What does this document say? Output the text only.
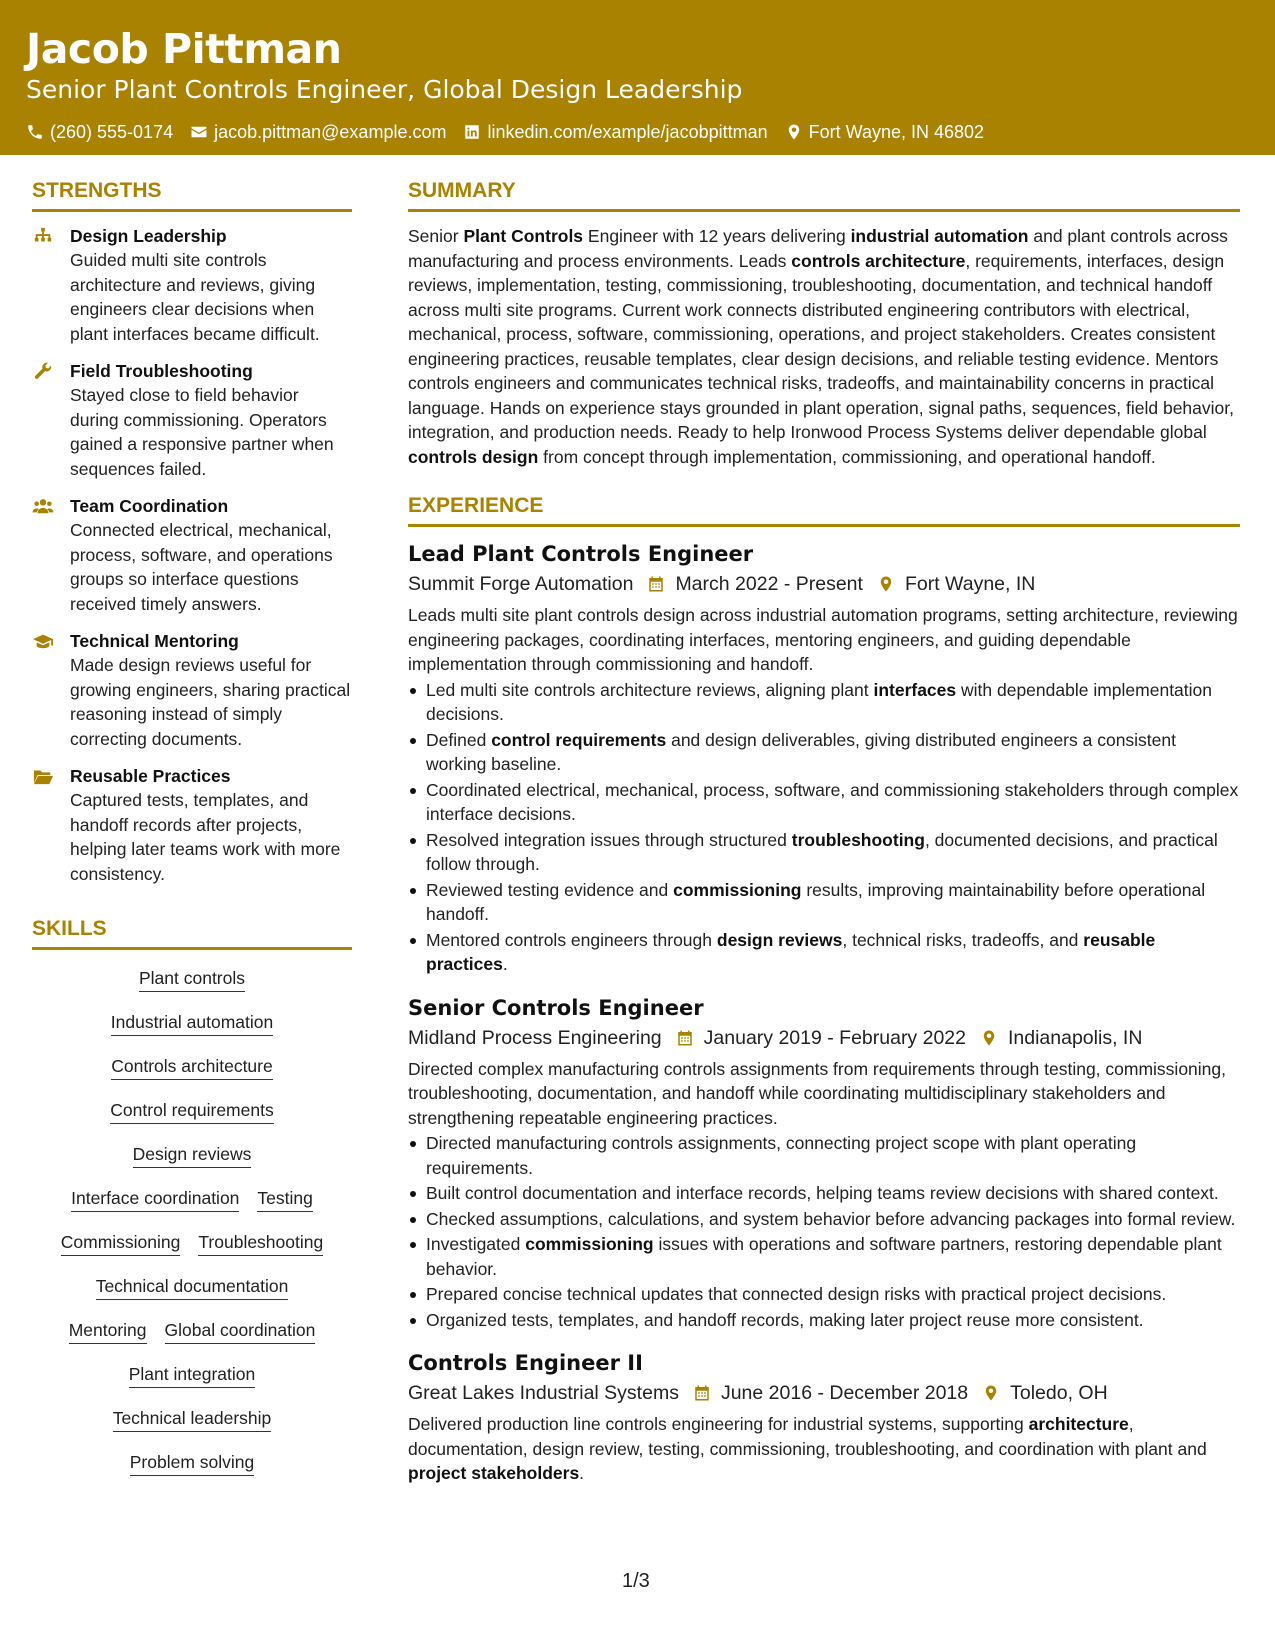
Jacob Pittman
Senior Plant Controls Engineer, Global Design Leadership
(260) 555-0174 jacob.pittman@example.com linkedin.com/example/jacobpittman Fort Wayne, IN 46802
STRENGTHS
Design Leadership
Guided multi site controls architecture and reviews, giving engineers clear decisions when plant interfaces became difficult.
Field Troubleshooting
Stayed close to field behavior during commissioning. Operators gained a responsive partner when sequences failed.
Team Coordination
Connected electrical, mechanical, process, software, and operations groups so interface questions received timely answers.
Technical Mentoring
Made design reviews useful for growing engineers, sharing practical reasoning instead of simply correcting documents.
Reusable Practices
Captured tests, templates, and handoff records after projects, helping later teams work with more consistency.
SKILLS
Plant controls
Industrial automation
Controls architecture
Control requirements
Design reviews
Interface coordination Testing
Commissioning Troubleshooting
Technical documentation
Mentoring Global coordination
Plant integration
Technical leadership
Problem solving
SUMMARY
Senior Plant Controls Engineer with 12 years delivering industrial automation and plant controls across manufacturing and process environments. Leads controls architecture, requirements, interfaces, design reviews, implementation, testing, commissioning, troubleshooting, documentation, and technical handoff across multi site programs. Current work connects distributed engineering contributors with electrical, mechanical, process, software, commissioning, operations, and project stakeholders. Creates consistent engineering practices, reusable templates, clear design decisions, and reliable testing evidence. Mentors controls engineers and communicates technical risks, tradeoffs, and maintainability concerns in practical language. Hands on experience stays grounded in plant operation, signal paths, sequences, field behavior, integration, and production needs. Ready to help Ironwood Process Systems deliver dependable global controls design from concept through implementation, commissioning, and operational handoff.
EXPERIENCE
Lead Plant Controls Engineer
Summit Forge Automation March 2022 - Present Fort Wayne, IN
Leads multi site plant controls design across industrial automation programs, setting architecture, reviewing engineering packages, coordinating interfaces, mentoring engineers, and guiding dependable implementation through commissioning and handoff.
Led multi site controls architecture reviews, aligning plant interfaces with dependable implementation decisions.
Defined control requirements and design deliverables, giving distributed engineers a consistent working baseline.
Coordinated electrical, mechanical, process, software, and commissioning stakeholders through complex interface decisions.
Resolved integration issues through structured troubleshooting, documented decisions, and practical follow through.
Reviewed testing evidence and commissioning results, improving maintainability before operational handoff.
Mentored controls engineers through design reviews, technical risks, tradeoffs, and reusable practices.
Senior Controls Engineer
Midland Process Engineering January 2019 - February 2022 Indianapolis, IN
Directed complex manufacturing controls assignments from requirements through testing, commissioning, troubleshooting, documentation, and handoff while coordinating multidisciplinary stakeholders and strengthening repeatable engineering practices.
Directed manufacturing controls assignments, connecting project scope with plant operating requirements.
Built control documentation and interface records, helping teams review decisions with shared context.
Checked assumptions, calculations, and system behavior before advancing packages into formal review.
Investigated commissioning issues with operations and software partners, restoring dependable plant behavior.
Prepared concise technical updates that connected design risks with practical project decisions.
Organized tests, templates, and handoff records, making later project reuse more consistent.
Controls Engineer II
Great Lakes Industrial Systems June 2016 - December 2018 Toledo, OH
Delivered production line controls engineering for industrial systems, supporting architecture, documentation, design review, testing, commissioning, troubleshooting, and coordination with plant and project stakeholders.
1/3
